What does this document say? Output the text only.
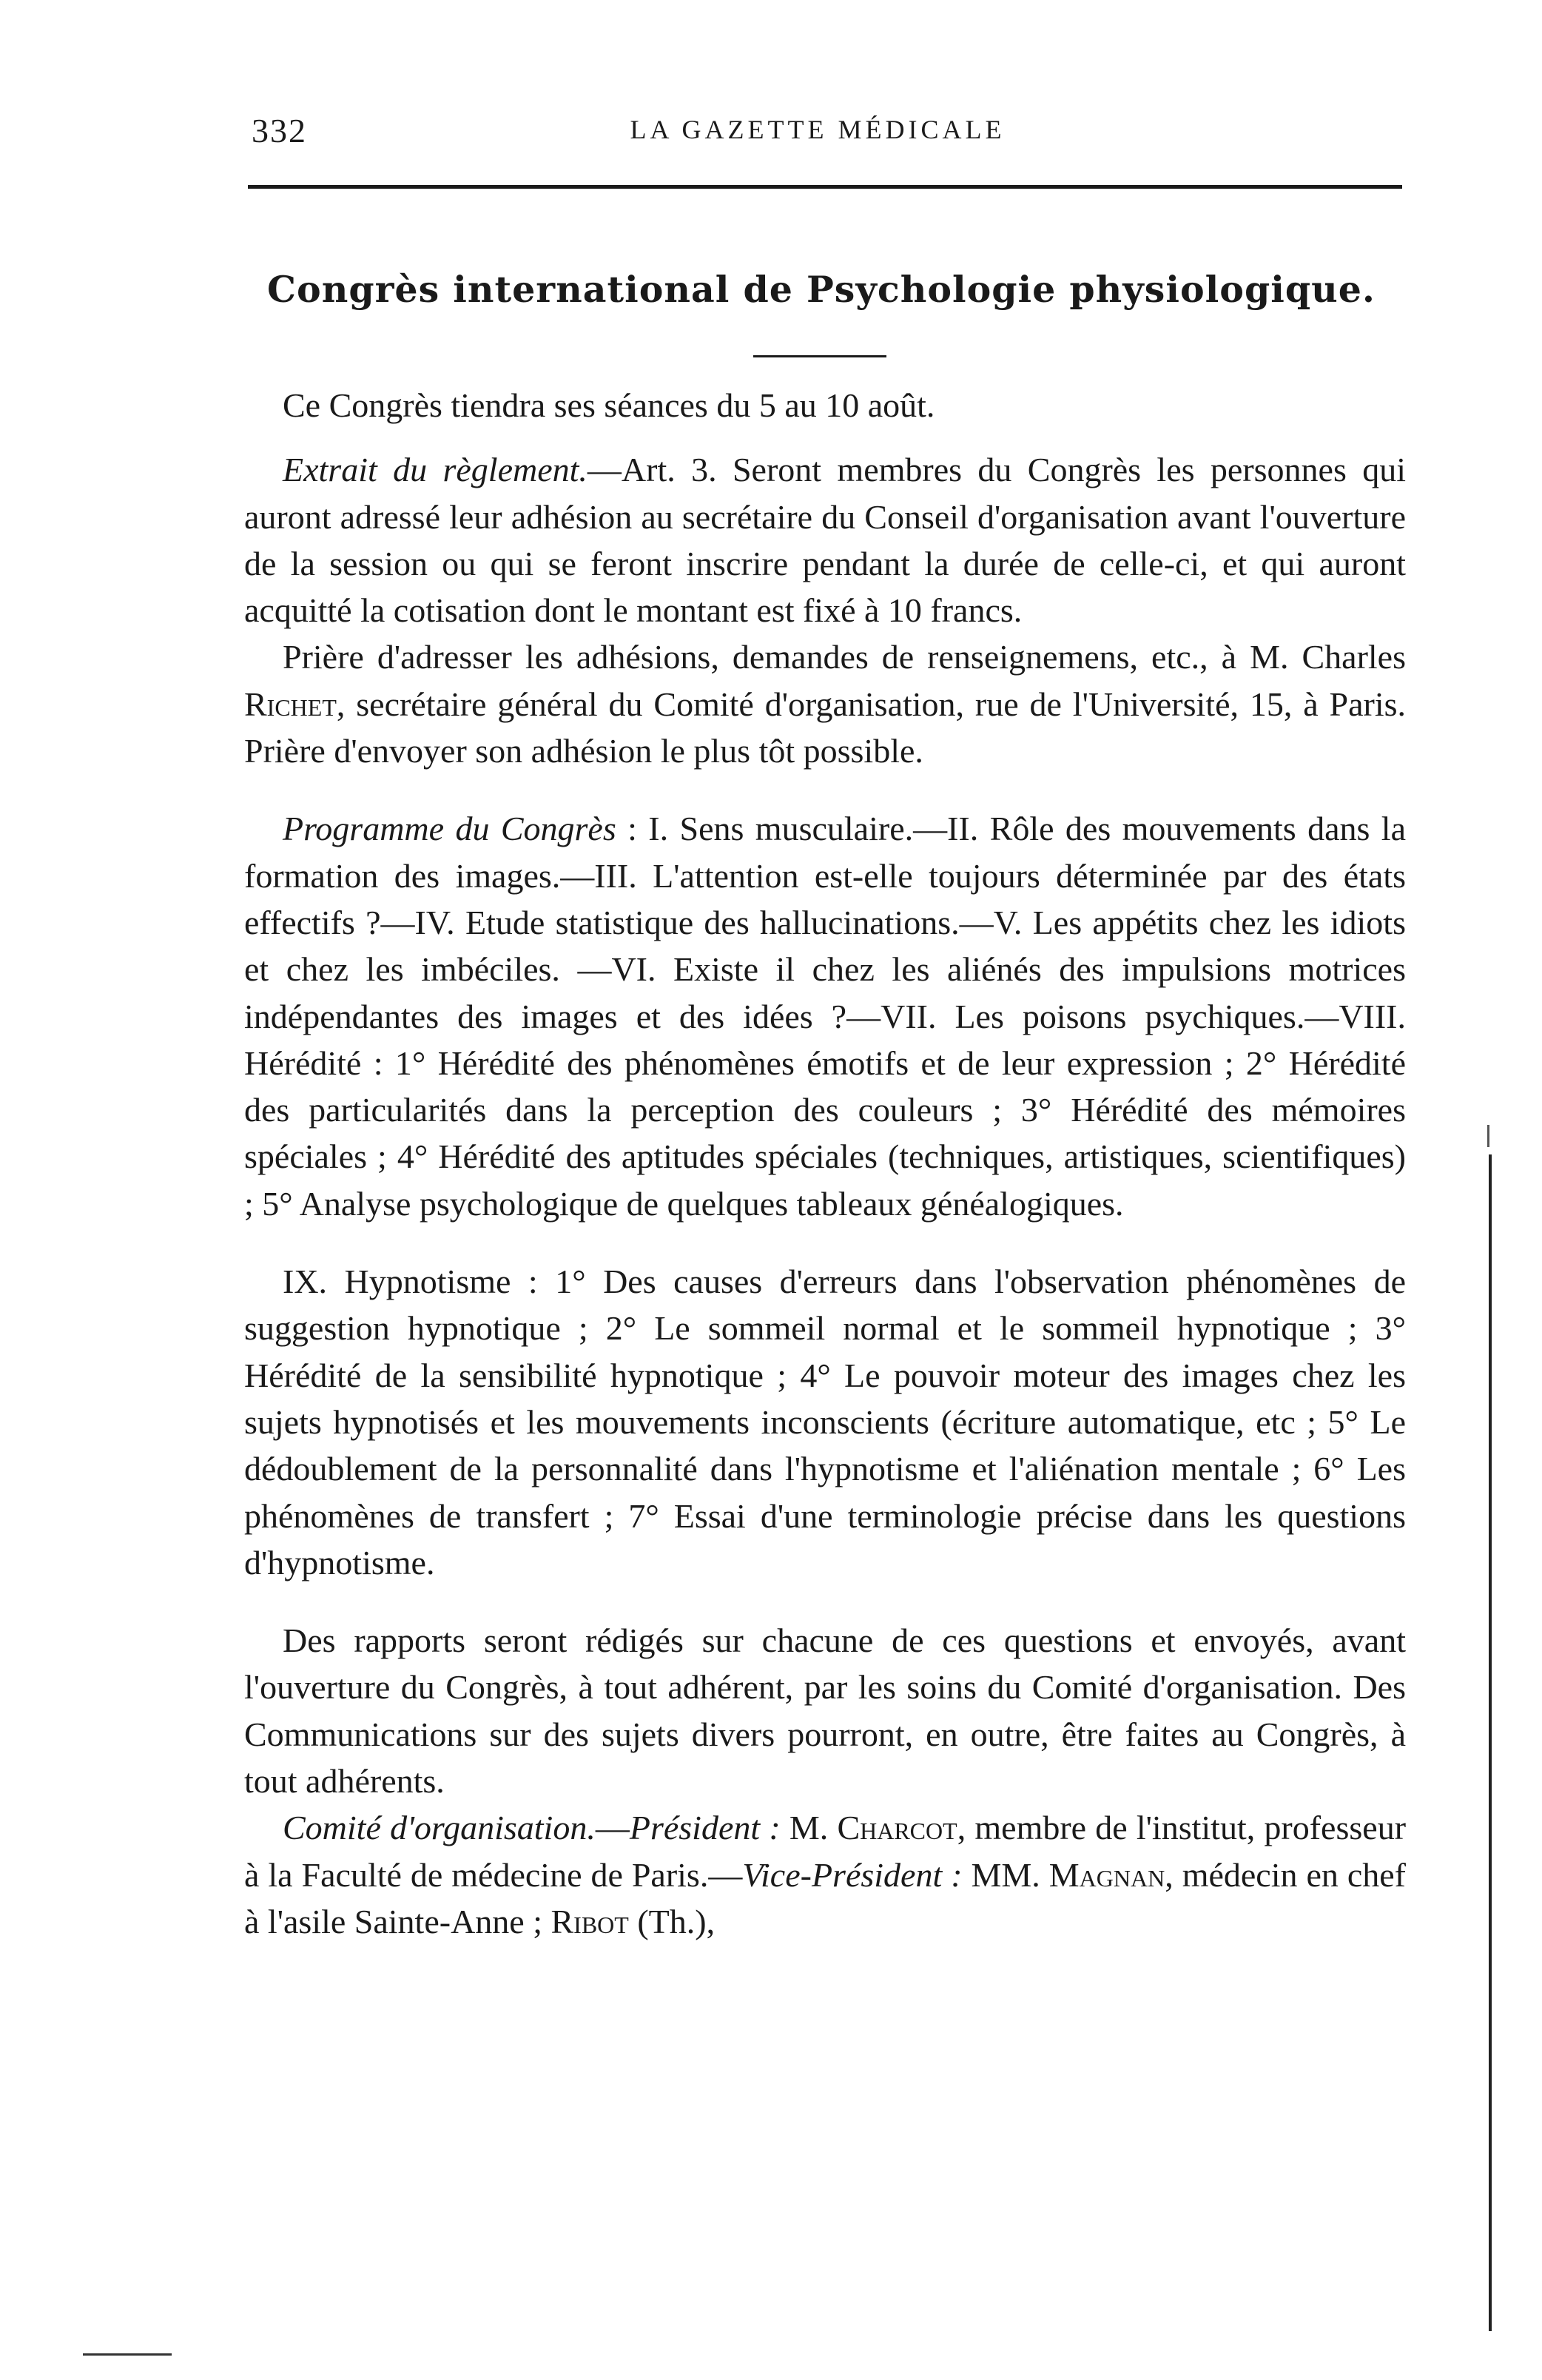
332	LA GAZETTE MÉDICALE
Congrès international de Psychologie physiologique.

Ce Congrès tiendra ses séances du 5 au 10 août.

Extrait du règlement.—Art. 3. Seront membres du Congrès les personnes qui auront adressé leur adhésion au secrétaire du Conseil d'organisation avant l'ouverture de la session ou qui se feront inscrire pendant la durée de celle-ci, et qui auront acquitté la cotisation dont le montant est fixé à 10 francs.

Prière d'adresser les adhésions, demandes de renseignemens, etc., à M. Charles Richet, secrétaire général du Comité d'organisation, rue de l'Université, 15, à Paris. Prière d'envoyer son adhésion le plus tôt possible.

Programme du Congrès : I. Sens musculaire.—II. Rôle des mouvements dans la formation des images.—III. L'attention est-elle toujours déterminée par des états effectifs ?—IV. Etude statistique des hallucinations.—V. Les appétits chez les idiots et chez les imbéciles. —VI. Existe il chez les aliénés des impulsions motrices indépendantes des images et des idées ?—VII. Les poisons psychiques.—VIII. Hérédité : 1° Hérédité des phénomènes émotifs et de leur expression ; 2° Hérédité des particularités dans la perception des couleurs ; 3° Hérédité des mémoires spéciales ; 4° Hérédité des aptitudes spéciales (techniques, artistiques, scientifiques) ; 5° Analyse psychologique de quelques tableaux généalogiques.

IX. Hypnotisme : 1° Des causes d'erreurs dans l'observation phénomènes de suggestion hypnotique ; 2° Le sommeil normal et le sommeil hypnotique ; 3° Hérédité de la sensibilité hypnotique ; 4° Le pouvoir moteur des images chez les sujets hypnotisés et les mouvements inconscients (écriture automatique, etc ; 5° Le dédoublement de la personnalité dans l'hypnotisme et l'aliénation mentale ; 6° Les phénomènes de transfert ; 7° Essai d'une terminologie précise dans les questions d'hypnotisme.

Des rapports seront rédigés sur chacune de ces questions et envoyés, avant l'ouverture du Congrès, à tout adhérent, par les soins du Comité d'organisation. Des Communications sur des sujets divers pourront, en outre, être faites au Congrès, à tout adhérents.

Comité d'organisation.—Président : M. Charcot, membre de l'institut, professeur à la Faculté de médecine de Paris.—Vice-Président : MM. Magnan, médecin en chef à l'asile Sainte-Anne ; Ribot (Th.),
